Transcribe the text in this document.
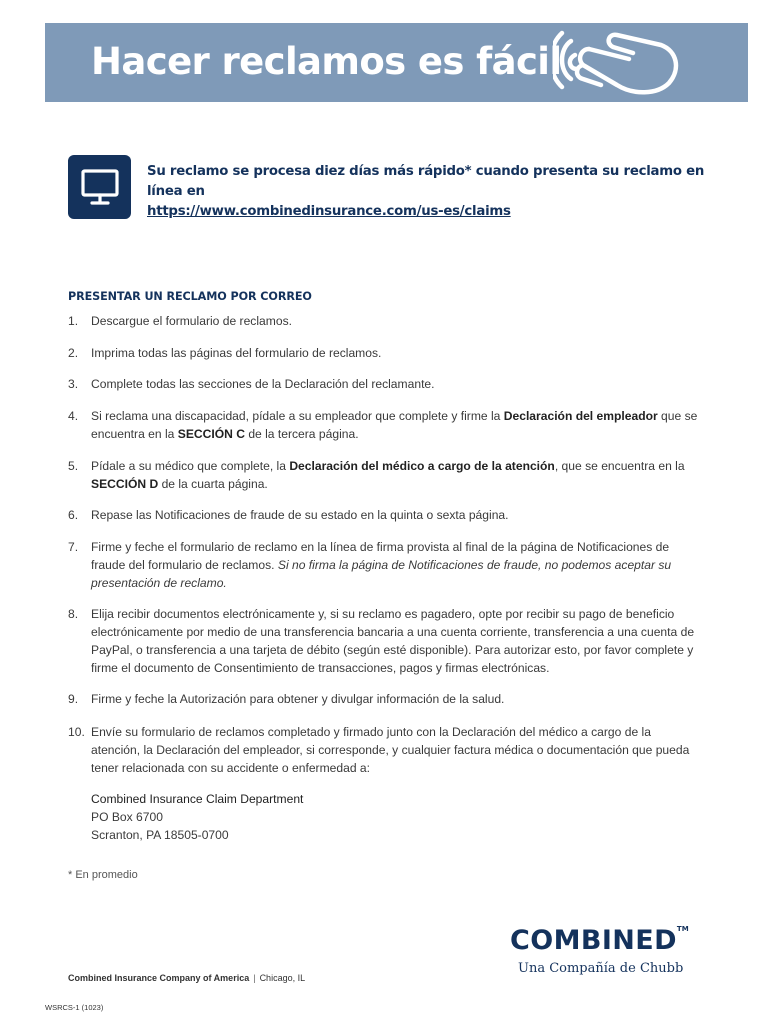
Hacer reclamos es fácil
Su reclamo se procesa diez días más rápido* cuando presenta su reclamo en línea en
https://www.combinedinsurance.com/us-es/claims
PRESENTAR UN RECLAMO POR CORREO
1. Descargue el formulario de reclamos.
2. Imprima todas las páginas del formulario de reclamos.
3. Complete todas las secciones de la Declaración del reclamante.
4. Si reclama una discapacidad, pídale a su empleador que complete y firme la Declaración del empleador que se encuentra en la SECCIÓN C de la tercera página.
5. Pídale a su médico que complete, la Declaración del médico a cargo de la atención, que se encuentra en la SECCIÓN D de la cuarta página.
6. Repase las Notificaciones de fraude de su estado en la quinta o sexta página.
7. Firme y feche el formulario de reclamo en la línea de firma provista al final de la página de Notificaciones de fraude del formulario de reclamos. Si no firma la página de Notificaciones de fraude, no podemos aceptar su presentación de reclamo.
8. Elija recibir documentos electrónicamente y, si su reclamo es pagadero, opte por recibir su pago de beneficio electrónicamente por medio de una transferencia bancaria a una cuenta corriente, transferencia a una cuenta de PayPal, o transferencia a una tarjeta de débito (según esté disponible). Para autorizar esto, por favor complete y firme el documento de Consentimiento de transacciones, pagos y firmas electrónicas.
9. Firme y feche la Autorización para obtener y divulgar información de la salud.
10. Envíe su formulario de reclamos completado y firmado junto con la Declaración del médico a cargo de la atención, la Declaración del empleador, si corresponde, y cualquier factura médica o documentación que pueda tener relacionada con su accidente o enfermedad a:
Combined Insurance Claim Department
PO Box 6700
Scranton, PA 18505-0700
* En promedio
COMBINED™
Una Compañía de Chubb
Combined Insurance Company of America | Chicago, IL
WSRCS-1 (1023)
